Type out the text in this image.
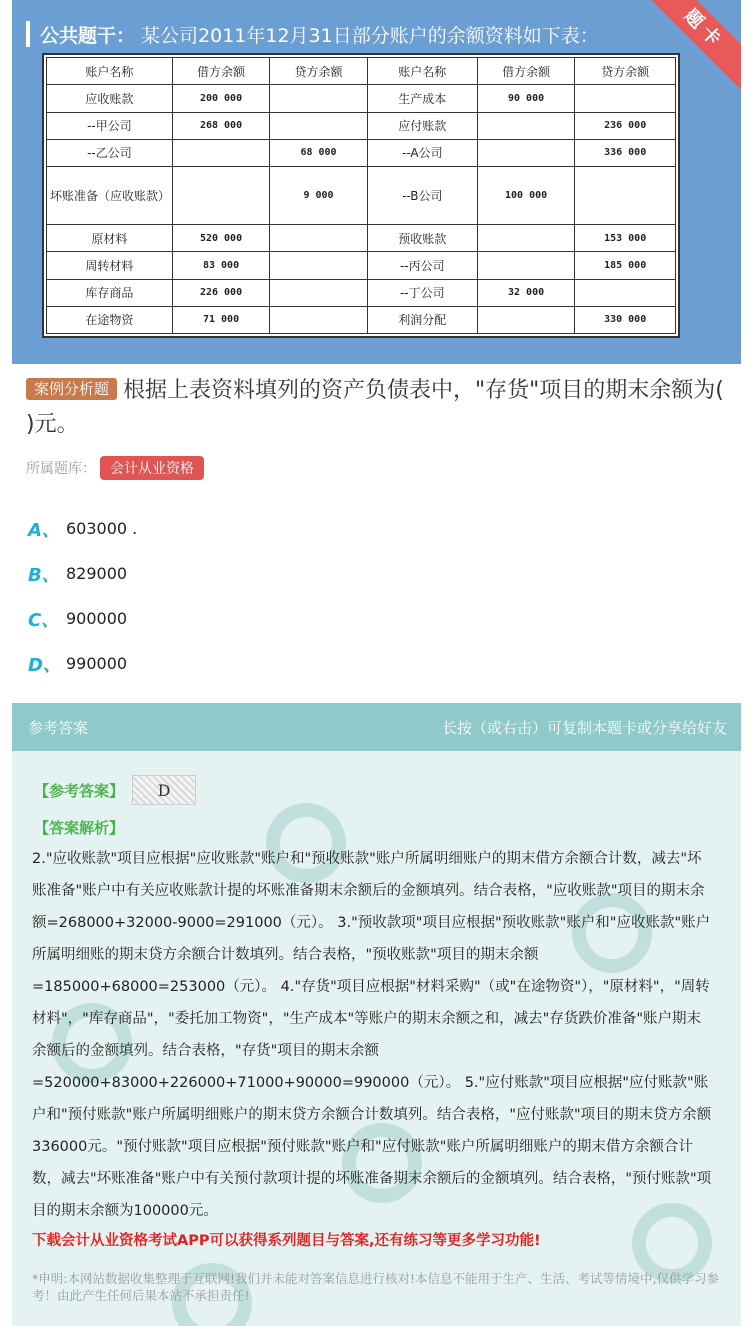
公共题干： 某公司2011年12月31日部分账户的余额资料如下表：	题卡
账户名称	借方余额	贷方余额	账户名称	借方余额	贷方余额
应收账款	200 000		生产成本	90 000	
--甲公司	268 000		应付账款		236 000
--乙公司		68 000	--A公司		336 000
坏账准备（应收账款）		9 000	--B公司	100 000	
原材料	520 000		预收账款		153 000
周转材料	83 000		--丙公司		185 000
库存商品	226 000		--丁公司	32 000	
在途物资	71 000		利润分配		330 000
案例分析题 根据上表资料填列的资产负债表中，"存货"项目的期末余额为( )元。
所属题库：	会计从业资格
A、 603000 .
B、 829000
C、 900000
D、 990000
参考答案	长按（或右击）可复制本题卡或分享给好友
【参考答案】	D
【答案解析】
2."应收账款"项目应根据"应收账款"账户和"预收账款"账户所属明细账户的期末借方余额合计数，减去"坏账准备"账户中有关应收账款计提的坏账准备期末余额后的金额填列。结合表格，"应收账款"项目的期末余额=268000+32000-9000=291000（元）。 3."预收款项"项目应根据"预收账款"账户和"应收账款"账户所属明细账的期末贷方余额合计数填列。结合表格，"预收账款"项目的期末余额=185000+68000=253000（元）。 4."存货"项目应根据"材料采购"（或"在途物资"），"原材料"，"周转材料"，"库存商品"，"委托加工物资"，"生产成本"等账户的期末余额之和，减去"存货跌价准备"账户期末余额后的金额填列。结合表格，"存货"项目的期末余额=520000+83000+226000+71000+90000=990000（元）。 5."应付账款"项目应根据"应付账款"账户和"预付账款"账户所属明细账户的期末贷方余额合计数填列。结合表格，"应付账款"项目的期末贷方余额336000元。"预付账款"项目应根据"预付账款"账户和"应付账款"账户所属明细账户的期末借方余额合计数，减去"坏账准备"账户中有关预付款项计提的坏账准备期末余额后的金额填列。结合表格，"预付账款"项目的期末余额为100000元。
下载会计从业资格考试APP可以获得系列题目与答案,还有练习等更多学习功能!
*申明:本网站数据收集整理于互联网!我们并未能对答案信息进行核对!本信息不能用于生产、生活、考试等情境中,仅供学习参考！由此产生任何后果本站不承担责任!
